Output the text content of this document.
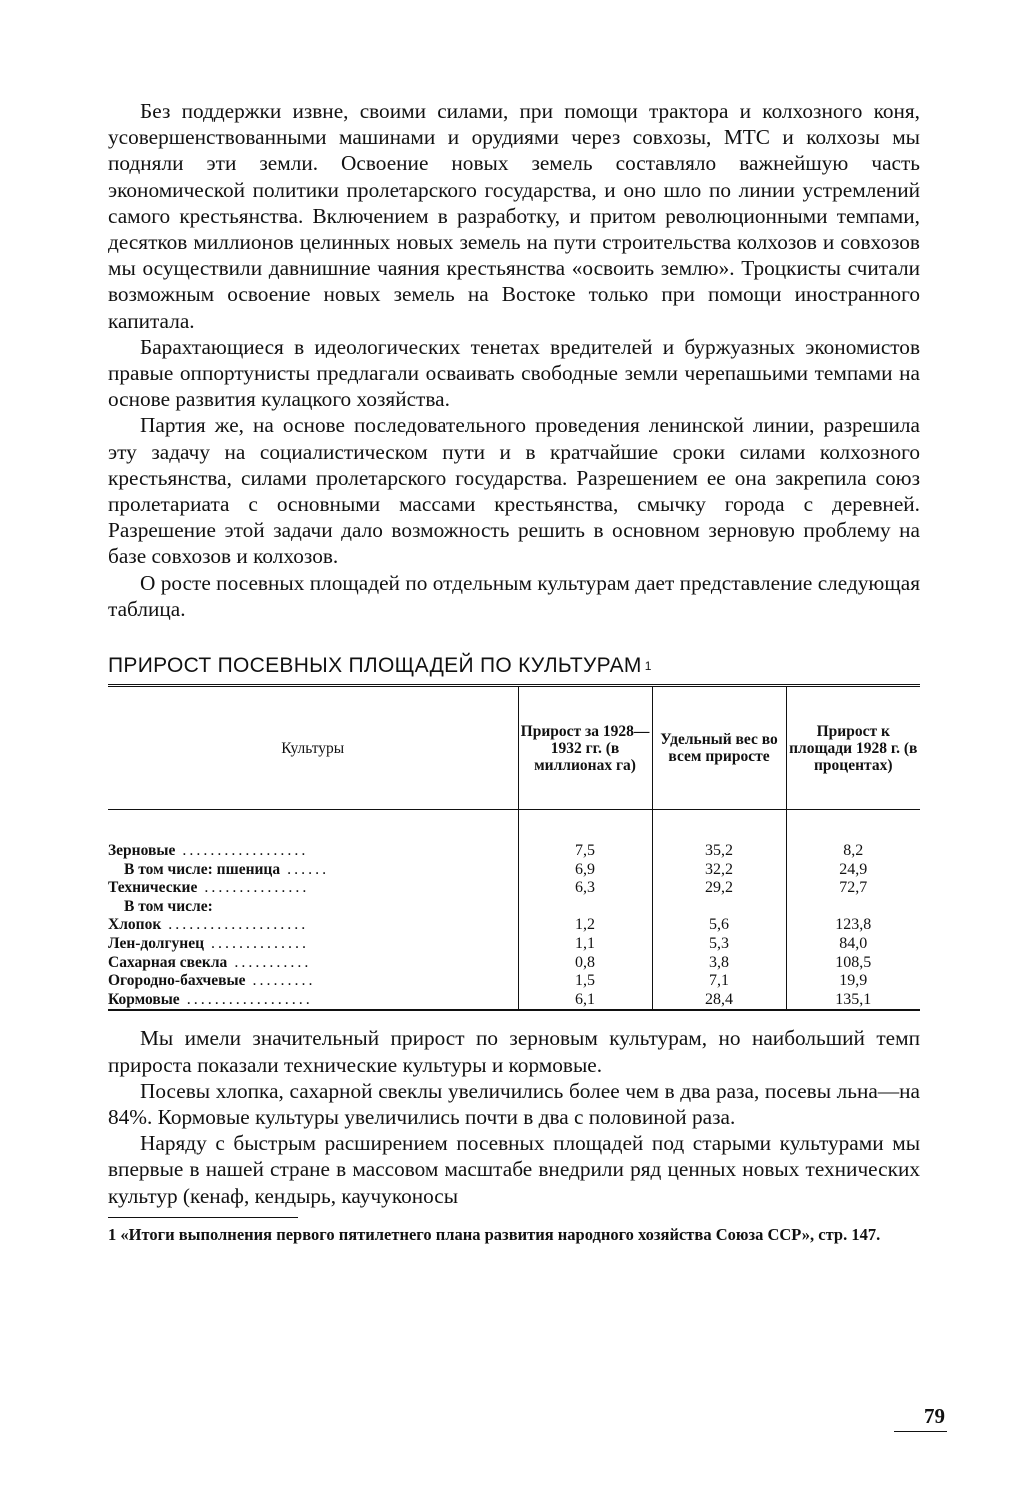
Без поддержки извне, своими силами, при помощи трактора и колхозного коня, усовершенствованными машинами и орудиями через совхозы, МТС и колхозы мы подняли эти земли. Освоение новых земель составляло важнейшую часть экономической политики пролетарского государства, и оно шло по линии устремлений самого крестьянства. Включением в разработку, и притом революционными темпами, десятков миллионов целинных новых земель на пути строительства колхозов и совхозов мы осуществили давнишние чаяния крестьянства «освоить землю». Троцкисты считали возможным освоение новых земель на Востоке только при помощи иностранного капитала.

Барахтающиеся в идеологических тенетах вредителей и буржуазных экономистов правые оппортунисты предлагали осваивать свободные земли черепашьими темпами на основе развития кулацкого хозяйства.

Партия же, на основе последовательного проведения ленинской линии, разрешила эту задачу на социалистическом пути и в кратчайшие сроки силами колхозного крестьянства, силами пролетарского государства. Разрешением ее она закрепила союз пролетариата с основными массами крестьянства, смычку города с деревней. Разрешение этой задачи дало возможность решить в основном зерновую проблему на базе совхозов и колхозов.

О росте посевных площадей по отдельным культурам дает представление следующая таблица.

ПРИРОСТ ПОСЕВНЫХ ПЛОЩАДЕЙ ПО КУЛЬТУРАМ 1
Культуры	Прирост за 1928—1932 гг. (в миллионах га)	Удельный вес во всем приросте	Прирост к площади 1928 г. (в процентах)

Зерновые ..................	7,5	35,2	8,2
В том числе: пшеница ......	6,9	32,2	24,9
Технические ...............	6,3	29,2	72,7
В том числе:			
Хлопок ....................	1,2	5,6	123,8
Лен-долгунец ..............	1,1	5,3	84,0
Сахарная свекла ...........	0,8	3,8	108,5
Огородно-бахчевые .........	1,5	7,1	19,9
Кормовые ..................	6,1	28,4	135,1

Мы имели значительный прирост по зерновым культурам, но наибольший темп прироста показали технические культуры и кормовые.

Посевы хлопка, сахарной свеклы увеличились более чем в два раза, посевы льна—на 84%. Кормовые культуры увеличились почти в два с половиной раза.

Наряду с быстрым расширением посевных площадей под старыми культурами мы впервые в нашей стране в массовом масштабе внедрили ряд ценных новых технических культур (кенаф, кендырь, каучуконосы

1 «Итоги выполнения первого пятилетнего плана развития народного хозяйства Союза ССР», стр. 147.

79
